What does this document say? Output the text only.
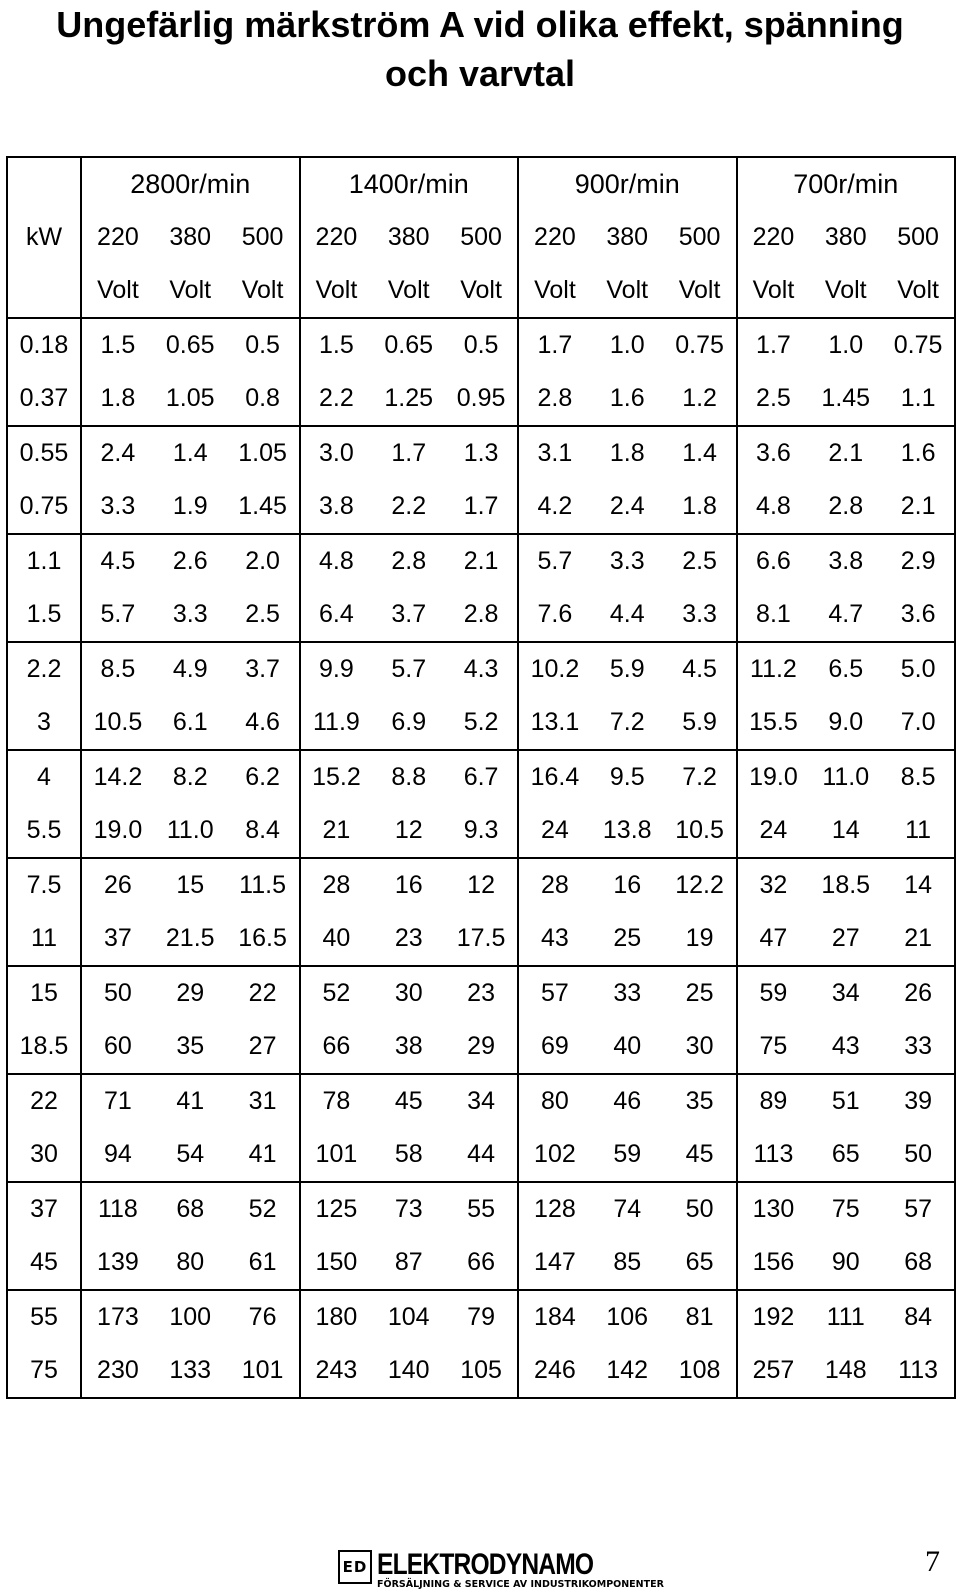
Ungefärlig märkström A vid olika effekt, spänning
och varvtal
	2800r/min			1400r/min			900r/min			700r/min		
kW	220	380	500	220	380	500	220	380	500	220	380	500
	Volt	Volt	Volt	Volt	Volt	Volt	Volt	Volt	Volt	Volt	Volt	Volt
0.18	1.5	0.65	0.5	1.5	0.65	0.5	1.7	1.0	0.75	1.7	1.0	0.75
0.37	1.8	1.05	0.8	2.2	1.25	0.95	2.8	1.6	1.2	2.5	1.45	1.1
0.55	2.4	1.4	1.05	3.0	1.7	1.3	3.1	1.8	1.4	3.6	2.1	1.6
0.75	3.3	1.9	1.45	3.8	2.2	1.7	4.2	2.4	1.8	4.8	2.8	2.1
1.1	4.5	2.6	2.0	4.8	2.8	2.1	5.7	3.3	2.5	6.6	3.8	2.9
1.5	5.7	3.3	2.5	6.4	3.7	2.8	7.6	4.4	3.3	8.1	4.7	3.6
2.2	8.5	4.9	3.7	9.9	5.7	4.3	10.2	5.9	4.5	11.2	6.5	5.0
3	10.5	6.1	4.6	11.9	6.9	5.2	13.1	7.2	5.9	15.5	9.0	7.0
4	14.2	8.2	6.2	15.2	8.8	6.7	16.4	9.5	7.2	19.0	11.0	8.5
5.5	19.0	11.0	8.4	21	12	9.3	24	13.8	10.5	24	14	11
7.5	26	15	11.5	28	16	12	28	16	12.2	32	18.5	14
11	37	21.5	16.5	40	23	17.5	43	25	19	47	27	21
15	50	29	22	52	30	23	57	33	25	59	34	26
18.5	60	35	27	66	38	29	69	40	30	75	43	33
22	71	41	31	78	45	34	80	46	35	89	51	39
30	94	54	41	101	58	44	102	59	45	113	65	50
37	118	68	52	125	73	55	128	74	50	130	75	57
45	139	80	61	150	87	66	147	85	65	156	90	68
55	173	100	76	180	104	79	184	106	81	192	111	84
75	230	133	101	243	140	105	246	142	108	257	148	113
ED ELEKTRODYNAMO
FÖRSÄLJNING & SERVICE AV INDUSTRIKOMPONENTER
7
